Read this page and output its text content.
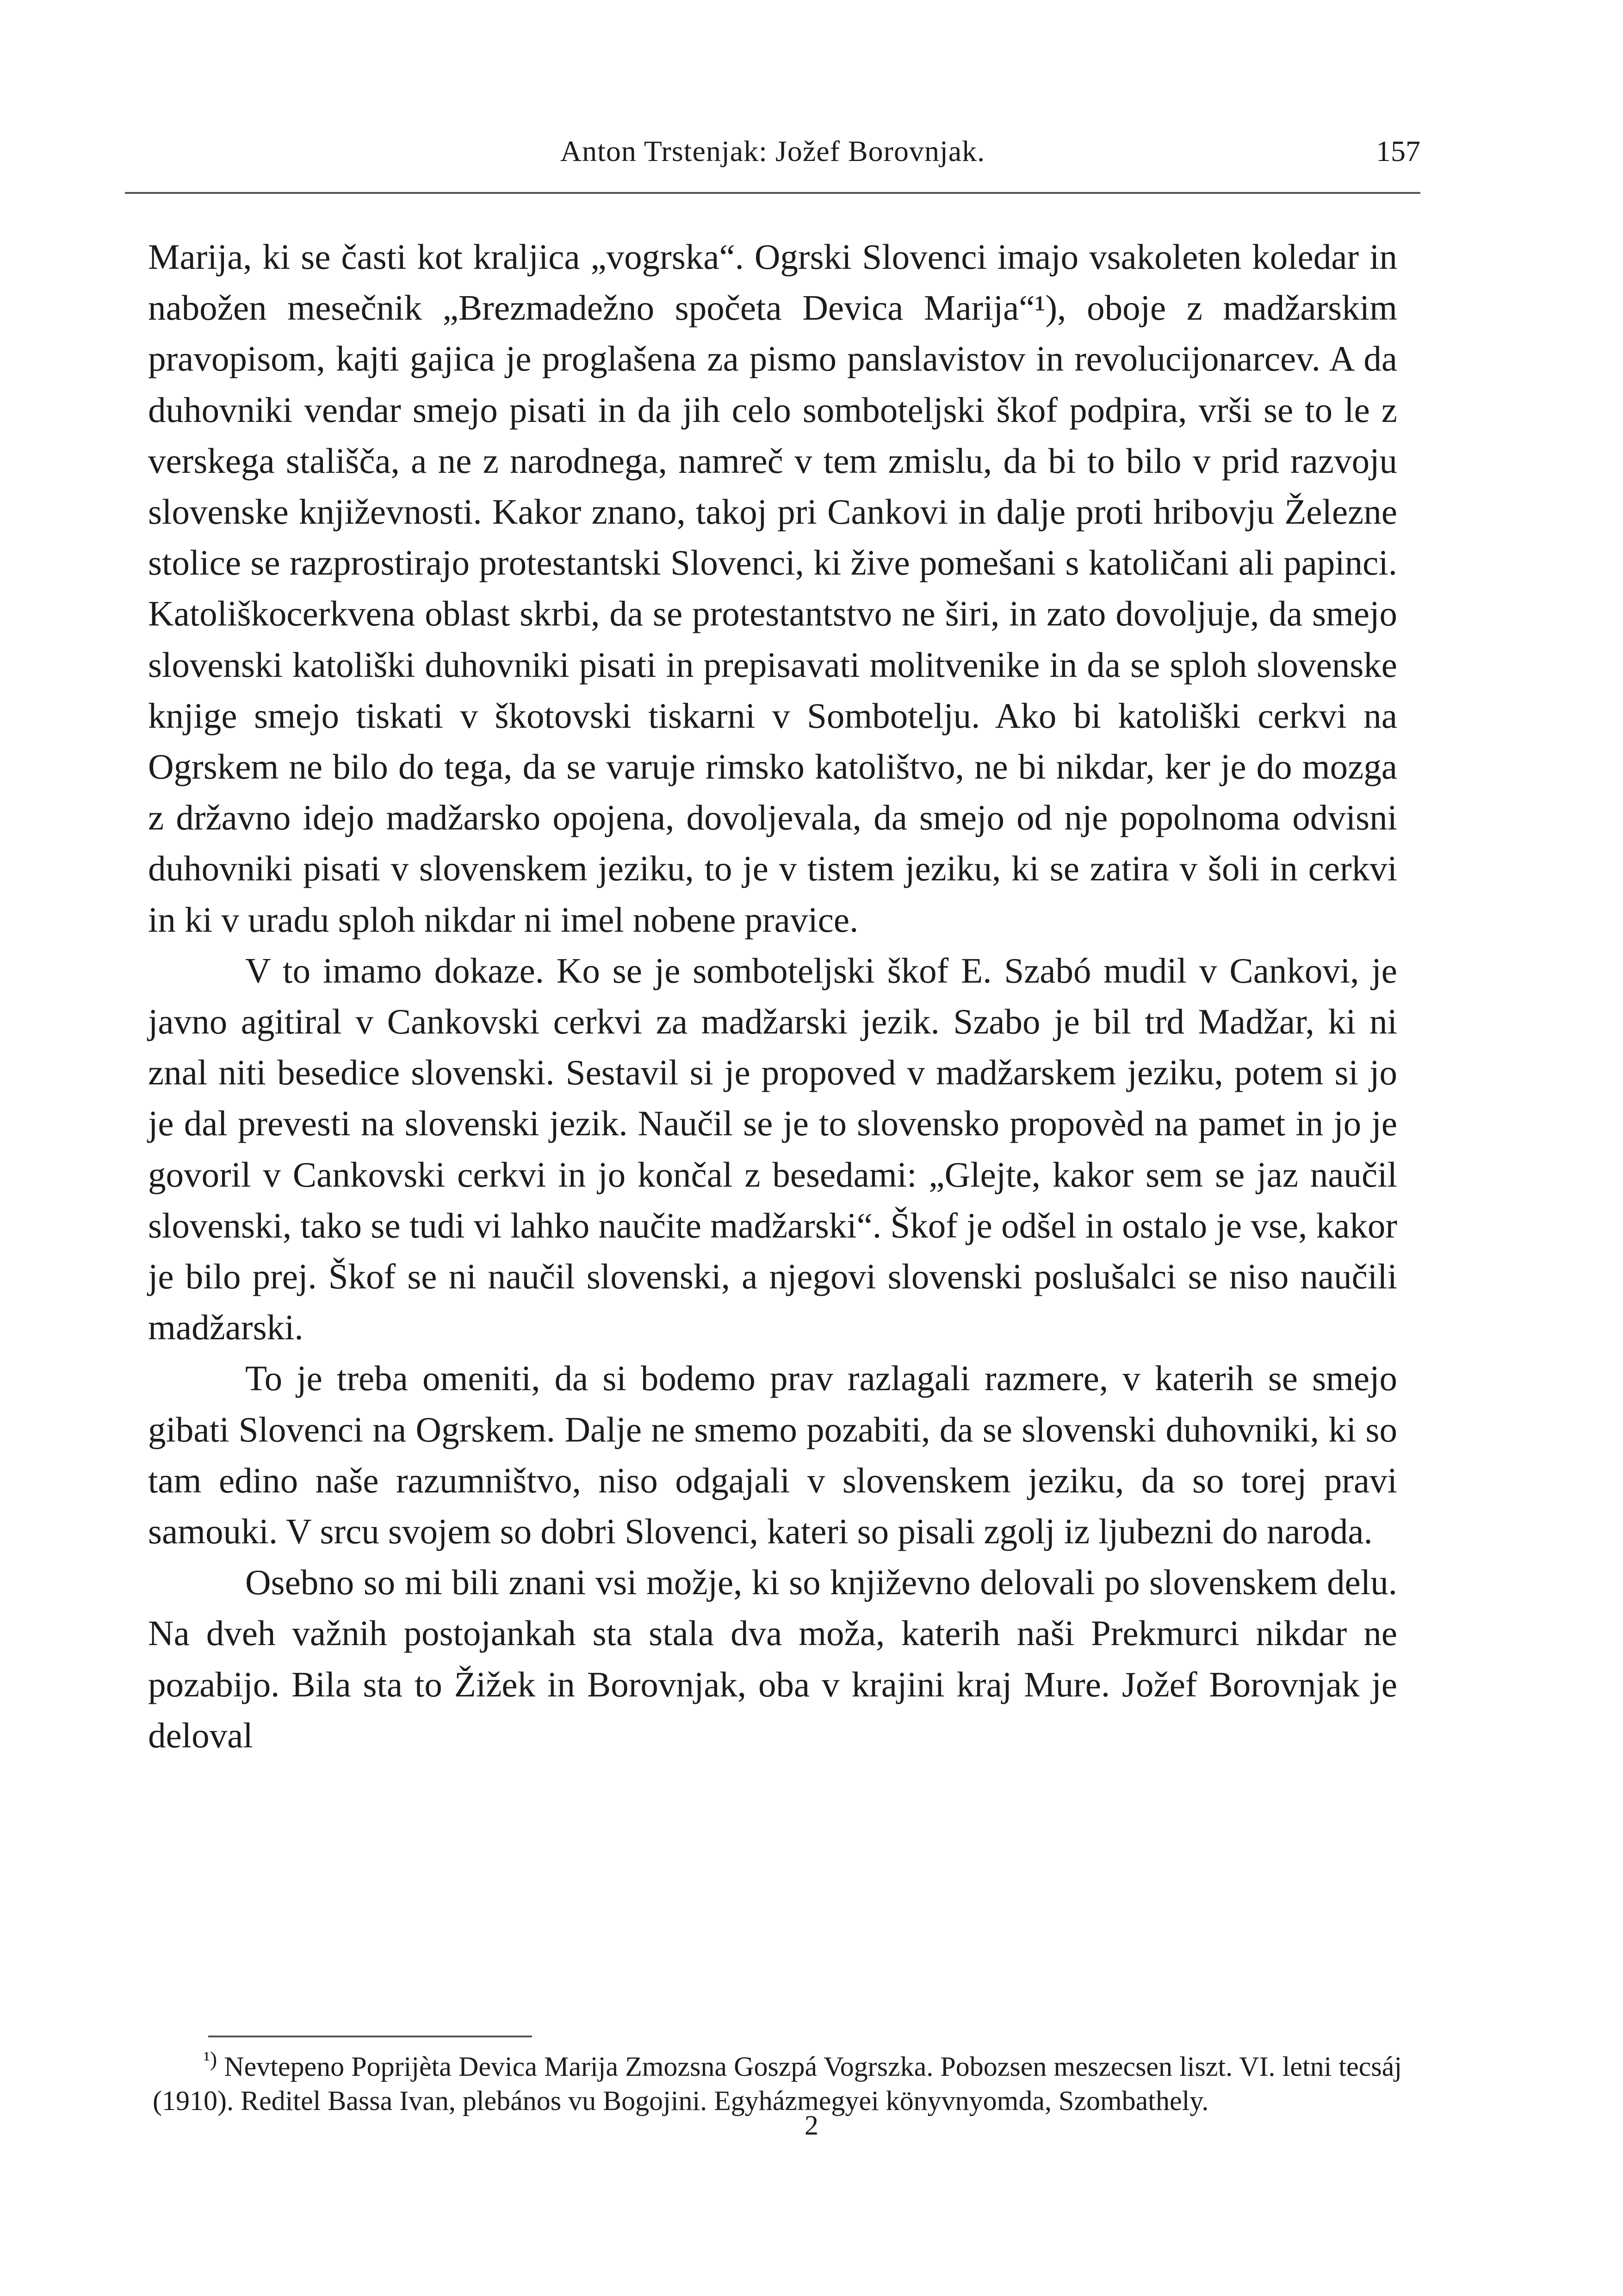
Anton Trstenjak: Jožef Borovnjak.	157

Marija, ki se časti kot kraljica „vogrska“. Ogrski Slovenci imajo vsakoleten koledar in nabožen mesečnik „Brezmadežno spočeta Devica Marija“¹), oboje z madžarskim pravopisom, kajti gajica je proglašena za pismo panslavistov in revolucijonarcev. A da duhovniki vendar smejo pisati in da jih celo somboteljski škof podpira, vrši se to le z verskega stališča, a ne z narodnega, namreč v tem zmislu, da bi to bilo v prid razvoju slovenske književnosti. Kakor znano, takoj pri Cankovi in dalje proti hribovju Železne stolice se razprostirajo protestantski Slovenci, ki žive pomešani s katoličani ali papinci. Katoliškocerkvena oblast skrbi, da se protestantstvo ne širi, in zato dovoljuje, da smejo slovenski katoliški duhovniki pisati in prepisavati molitvenike in da se sploh slovenske knjige smejo tiskati v škotovski tiskarni v Sombotelju. Ako bi katoliški cerkvi na Ogrskem ne bilo do tega, da se varuje rimsko katolištvo, ne bi nikdar, ker je do mozga z državno idejo madžarsko opojena, dovoljevala, da smejo od nje popolnoma odvisni duhovniki pisati v slovenskem jeziku, to je v tistem jeziku, ki se zatira v šoli in cerkvi in ki v uradu sploh nikdar ni imel nobene pravice.

V to imamo dokaze. Ko se je somboteljski škof E. Szabó mudil v Cankovi, je javno agitiral v Cankovski cerkvi za madžarski jezik. Szabo je bil trd Madžar, ki ni znal niti besedice slovenski. Sestavil si je propoved v madžarskem jeziku, potem si jo je dal prevesti na slovenski jezik. Naučil se je to slovensko propovèd na pamet in jo je govoril v Cankovski cerkvi in jo končal z besedami: „Glejte, kakor sem se jaz naučil slovenski, tako se tudi vi lahko naučite madžarski“. Škof je odšel in ostalo je vse, kakor je bilo prej. Škof se ni naučil slovenski, a njegovi slovenski poslušalci se niso naučili madžarski.

To je treba omeniti, da si bodemo prav razlagali razmere, v katerih se smejo gibati Slovenci na Ogrskem. Dalje ne smemo pozabiti, da se slovenski duhovniki, ki so tam edino naše razumništvo, niso odgajali v slovenskem jeziku, da so torej pravi samouki. V srcu svojem so dobri Slovenci, kateri so pisali zgolj iz ljubezni do naroda.

Osebno so mi bili znani vsi možje, ki so književno delovali po slovenskem delu. Na dveh važnih postojankah sta stala dva moža, katerih naši Prekmurci nikdar ne pozabijo. Bila sta to Žižek in Borovnjak, oba v krajini kraj Mure. Jožef Borovnjak je deloval

$^{^1)}$ Nevtepeno Poprijèta Devica Marija Zmozsna Goszpá Vogrszka. Pobozsen meszecsen liszt. VI. letni tecsáj (1910). Reditel Bassa Ivan, plebános vu Bogojini. Egyházmegyei könyvnyomda, Szombathely.
2
